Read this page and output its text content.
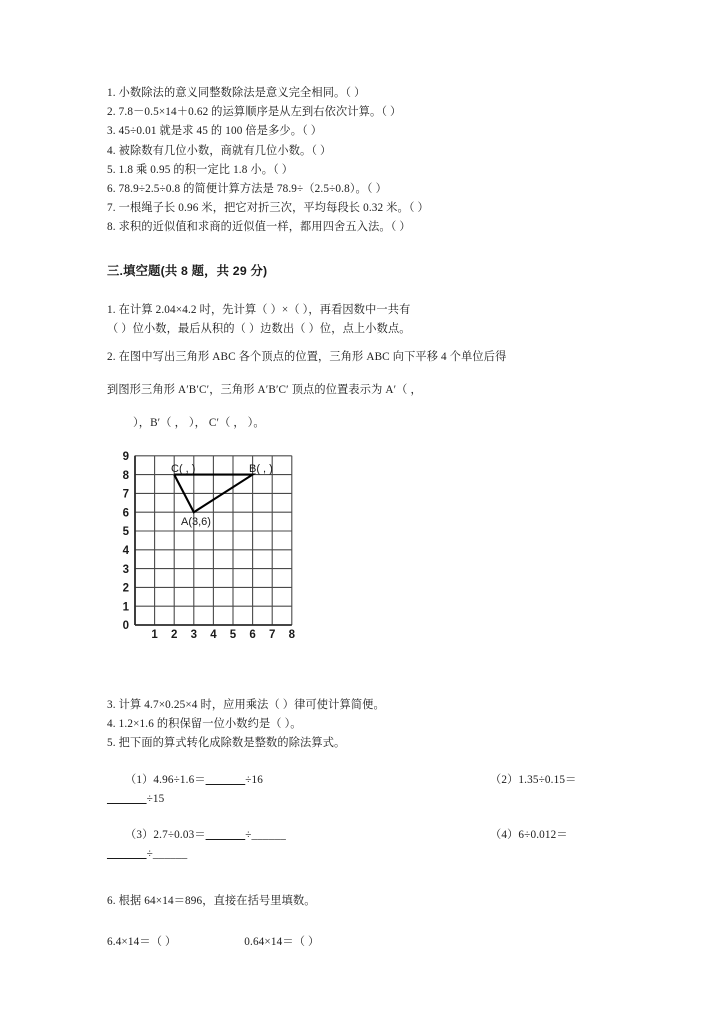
1. 小数除法的意义同整数除法是意义完全相同。（ ）
2. 7.8－0.5×14＋0.62 的运算顺序是从左到右依次计算。（ ）
3. 45÷0.01 就是求 45 的 100 倍是多少。（ ）
4. 被除数有几位小数，商就有几位小数。（ ）
5. 1.8 乘 0.95 的积一定比 1.8 小。（ ）
6. 78.9÷2.5÷0.8 的简便计算方法是 78.9÷（2.5÷0.8）。（ ）
7. 一根绳子长 0.96 米，把它对折三次，平均每段长 0.32 米。（ ）
8. 求积的近似值和求商的近似值一样，都用四舍五入法。（ ）
三.填空题(共 8 题，共 29 分)
1. 在计算 2.04×4.2 吋，先计算（ ）×（ ），再看因数中一共有
（ ）位小数，最后从积的（ ）边数出（ ）位，点上小数点。
2. 在图中写出三角形 ABC 各个顶点的位置，三角形 ABC 向下平移 4 个单位后得
到图形三角形 A′B′C′，三角形 A′B′C′ 顶点的位置表示为 A′（ ，
），B′（ ， ）， C′（ ， ）。
3. 计算 4.7×0.25×4 时，应用乘法（ ）律可使计算简便。
4. 1.2×1.6 的积保留一位小数约是（ ）。
5. 把下面的算式转化成除数是整数的除法算式。
（1）4.96÷1.6＝______÷16	（2）1.35÷0.15＝
______÷15
（3）2.7÷0.03＝______÷______	（4）6÷0.012＝
______÷______
6. 根据 64×14＝896，直接在括号里填数。
6.4×14＝（ ）	0.64×14＝（ ）
9
8
7
6
5
4
3
2
1
0
1 2 3 4 5 6 7 8
C( , )	B( , )
A(3,6)
